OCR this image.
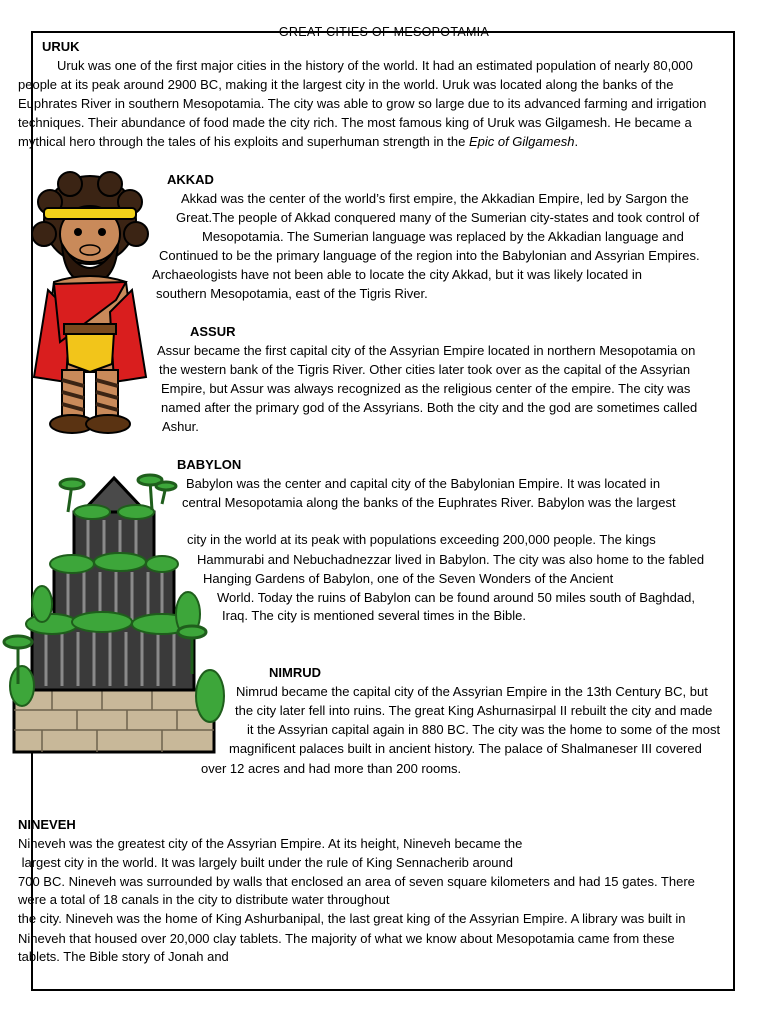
GREAT CITIES OF MESOPOTAMIA
URUK
Uruk was one of the first major cities in the history of the world. It had an estimated population of nearly 80,000
people at its peak around 2900 BC, making it the largest city in the world. Uruk was located along the banks of the
Euphrates River in southern Mesopotamia. The city was able to grow so large due to its advanced farming and irrigation
techniques. Their abundance of food made the city rich. The most famous king of Uruk was Gilgamesh. He became a
mythical hero through the tales of his exploits and superhuman strength in the Epic of Gilgamesh.
AKKAD
Akkad was the center of the world’s first empire, the Akkadian Empire, led by Sargon the
Great.The people of Akkad conquered many of the Sumerian city-states and took control of
Mesopotamia. The Sumerian language was replaced by the Akkadian language and
Continued to be the primary language of the region into the Babylonian and Assyrian Empires.
Archaeologists have not been able to locate the city Akkad, but it was likely located in
southern Mesopotamia, east of the Tigris River.
ASSUR
Assur became the first capital city of the Assyrian Empire located in northern Mesopotamia on
the western bank of the Tigris River. Other cities later took over as the capital of the Assyrian
Empire, but Assur was always recognized as the religious center of the empire. The city was
named after the primary god of the Assyrians. Both the city and the god are sometimes called
Ashur.
BABYLON
Babylon was the center and capital city of the Babylonian Empire. It was located in
central Mesopotamia along the banks of the Euphrates River. Babylon was the largest
city in the world at its peak with populations exceeding 200,000 people. The kings
Hammurabi and Nebuchadnezzar lived in Babylon. The city was also home to the fabled
Hanging Gardens of Babylon, one of the Seven Wonders of the Ancient
World. Today the ruins of Babylon can be found around 50 miles south of Baghdad,
Iraq. The city is mentioned several times in the Bible.
NIMRUD
Nimrud became the capital city of the Assyrian Empire in the 13th Century BC, but
the city later fell into ruins. The great King Ashurnasirpal II rebuilt the city and made
it the Assyrian capital again in 880 BC. The city was the home to some of the most
magnificent palaces built in ancient history. The palace of Shalmaneser III covered
over 12 acres and had more than 200 rooms.
NINEVEH
Nineveh was the greatest city of the Assyrian Empire. At its height, Nineveh became the
largest city in the world. It was largely built under the rule of King Sennacherib around
700 BC. Nineveh was surrounded by walls that enclosed an area of seven square kilometers and had 15 gates. There
were a total of 18 canals in the city to distribute water throughout
the city. Nineveh was the home of King Ashurbanipal, the last great king of the Assyrian Empire. A library was built in
Nineveh that housed over 20,000 clay tablets. The majority of what we know about Mesopotamia came from these
tablets. The Bible story of Jonah and
